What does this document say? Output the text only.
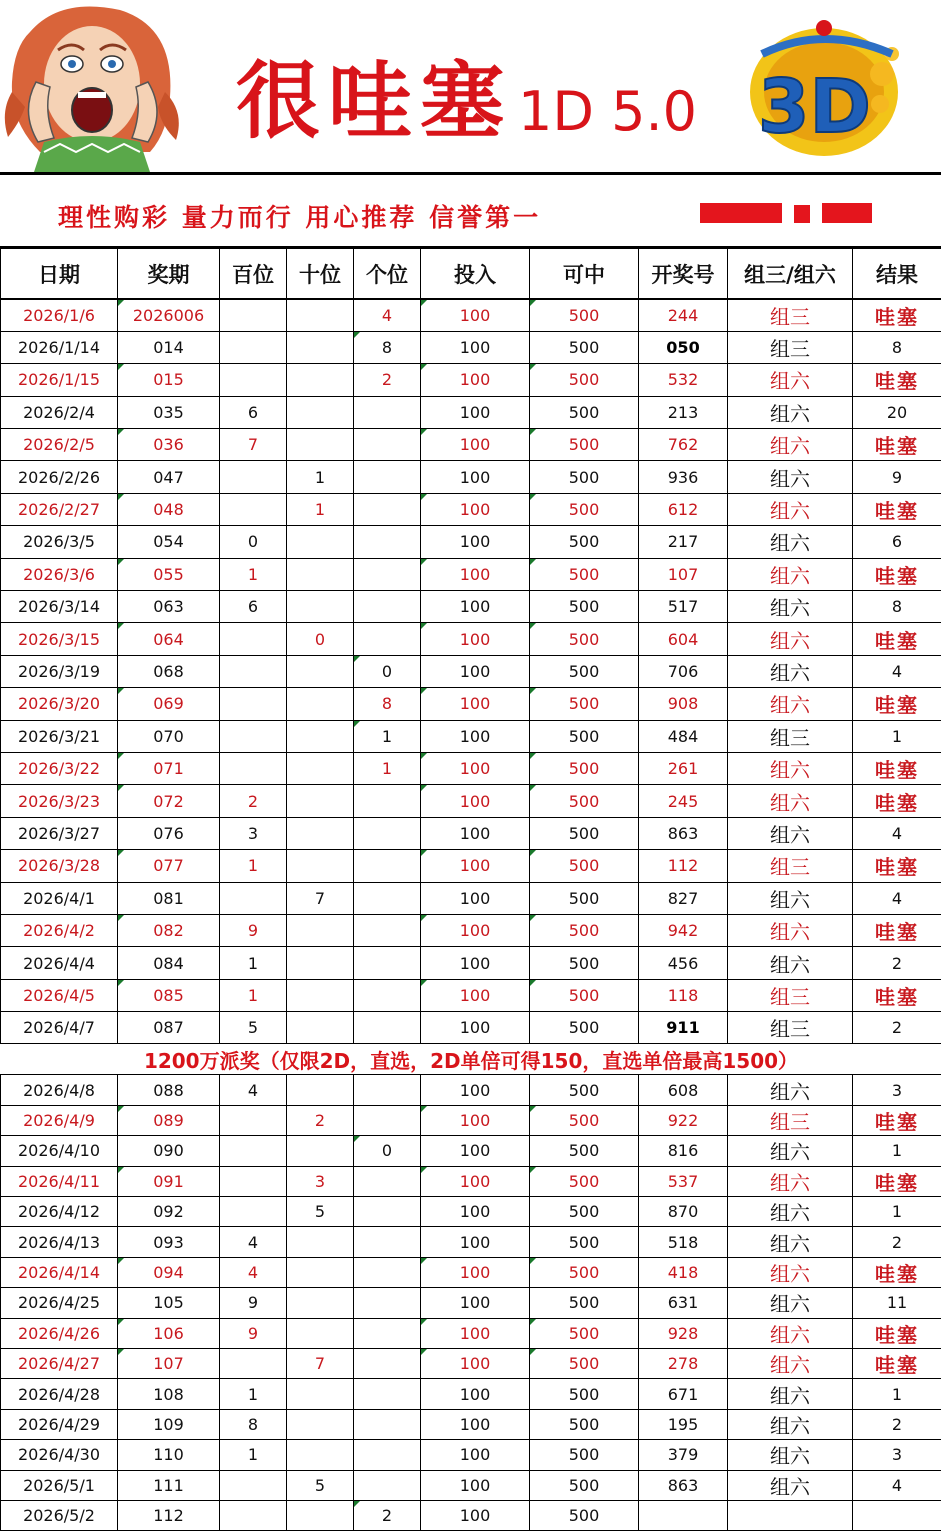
很哇塞 1D 5.0 3D
理性购彩 量力而行 用心推荐 信誉第一
日期	奖期	百位	十位	个位	投入	可中	开奖号	组三/组六	结果
2026/1/6	2026006			4	100	500	244	组三	哇塞
2026/1/14	014			8	100	500	050	组三	8
2026/1/15	015			2	100	500	532	组六	哇塞
2026/2/4	035	6			100	500	213	组六	20
2026/2/5	036	7			100	500	762	组六	哇塞
2026/2/26	047		1		100	500	936	组六	9
2026/2/27	048		1		100	500	612	组六	哇塞
2026/3/5	054	0			100	500	217	组六	6
2026/3/6	055	1			100	500	107	组六	哇塞
2026/3/14	063	6			100	500	517	组六	8
2026/3/15	064		0		100	500	604	组六	哇塞
2026/3/19	068			0	100	500	706	组六	4
2026/3/20	069			8	100	500	908	组六	哇塞
2026/3/21	070			1	100	500	484	组三	1
2026/3/22	071			1	100	500	261	组六	哇塞
2026/3/23	072	2			100	500	245	组六	哇塞
2026/3/27	076	3			100	500	863	组六	4
2026/3/28	077	1			100	500	112	组三	哇塞
2026/4/1	081		7		100	500	827	组六	4
2026/4/2	082	9			100	500	942	组六	哇塞
2026/4/4	084	1			100	500	456	组六	2
2026/4/5	085	1			100	500	118	组三	哇塞
2026/4/7	087	5			100	500	911	组三	2
1200万派奖（仅限2D，直选，2D单倍可得150，直选单倍最高1500）									
2026/4/8	088	4			100	500	608	组六	3
2026/4/9	089		2		100	500	922	组三	哇塞
2026/4/10	090			0	100	500	816	组六	1
2026/4/11	091		3		100	500	537	组六	哇塞
2026/4/12	092		5		100	500	870	组六	1
2026/4/13	093	4			100	500	518	组六	2
2026/4/14	094	4			100	500	418	组六	哇塞
2026/4/25	105	9			100	500	631	组六	11
2026/4/26	106	9			100	500	928	组六	哇塞
2026/4/27	107		7		100	500	278	组六	哇塞
2026/4/28	108	1			100	500	671	组六	1
2026/4/29	109	8			100	500	195	组六	2
2026/4/30	110	1			100	500	379	组六	3
2026/5/1	111		5		100	500	863	组六	4
2026/5/2	112			2	100	500			
